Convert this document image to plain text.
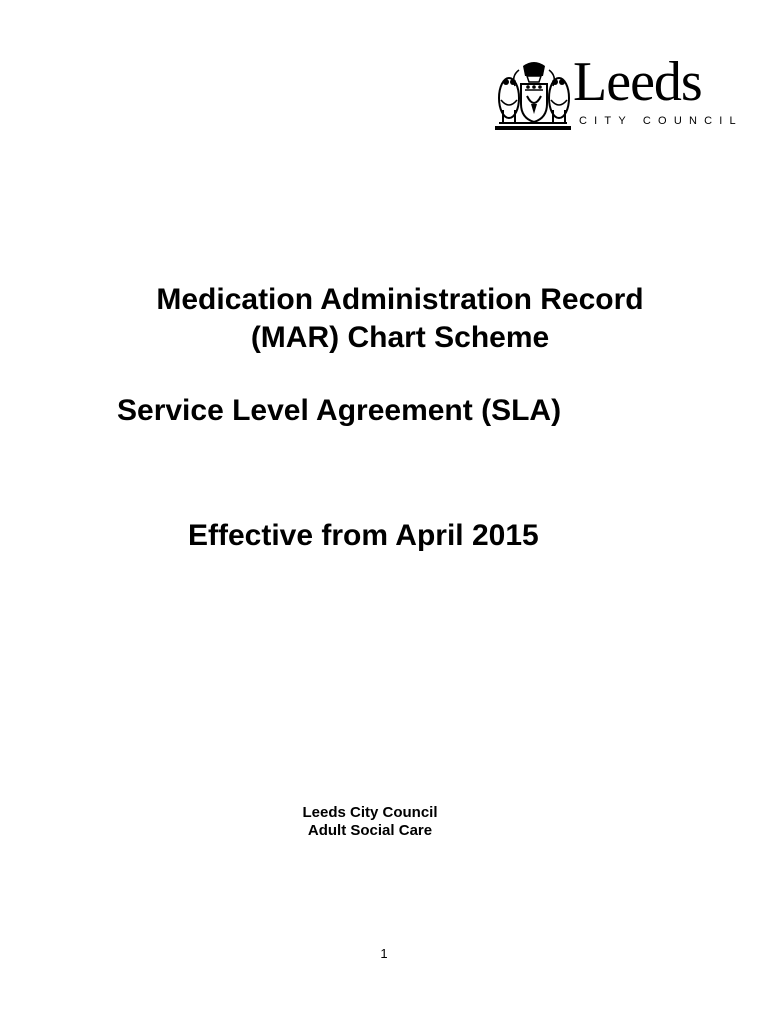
Leeds
CITY COUNCIL
Medication Administration Record
(MAR) Chart Scheme
Service Level Agreement (SLA)
Effective from April 2015
Leeds City Council
Adult Social Care
1
